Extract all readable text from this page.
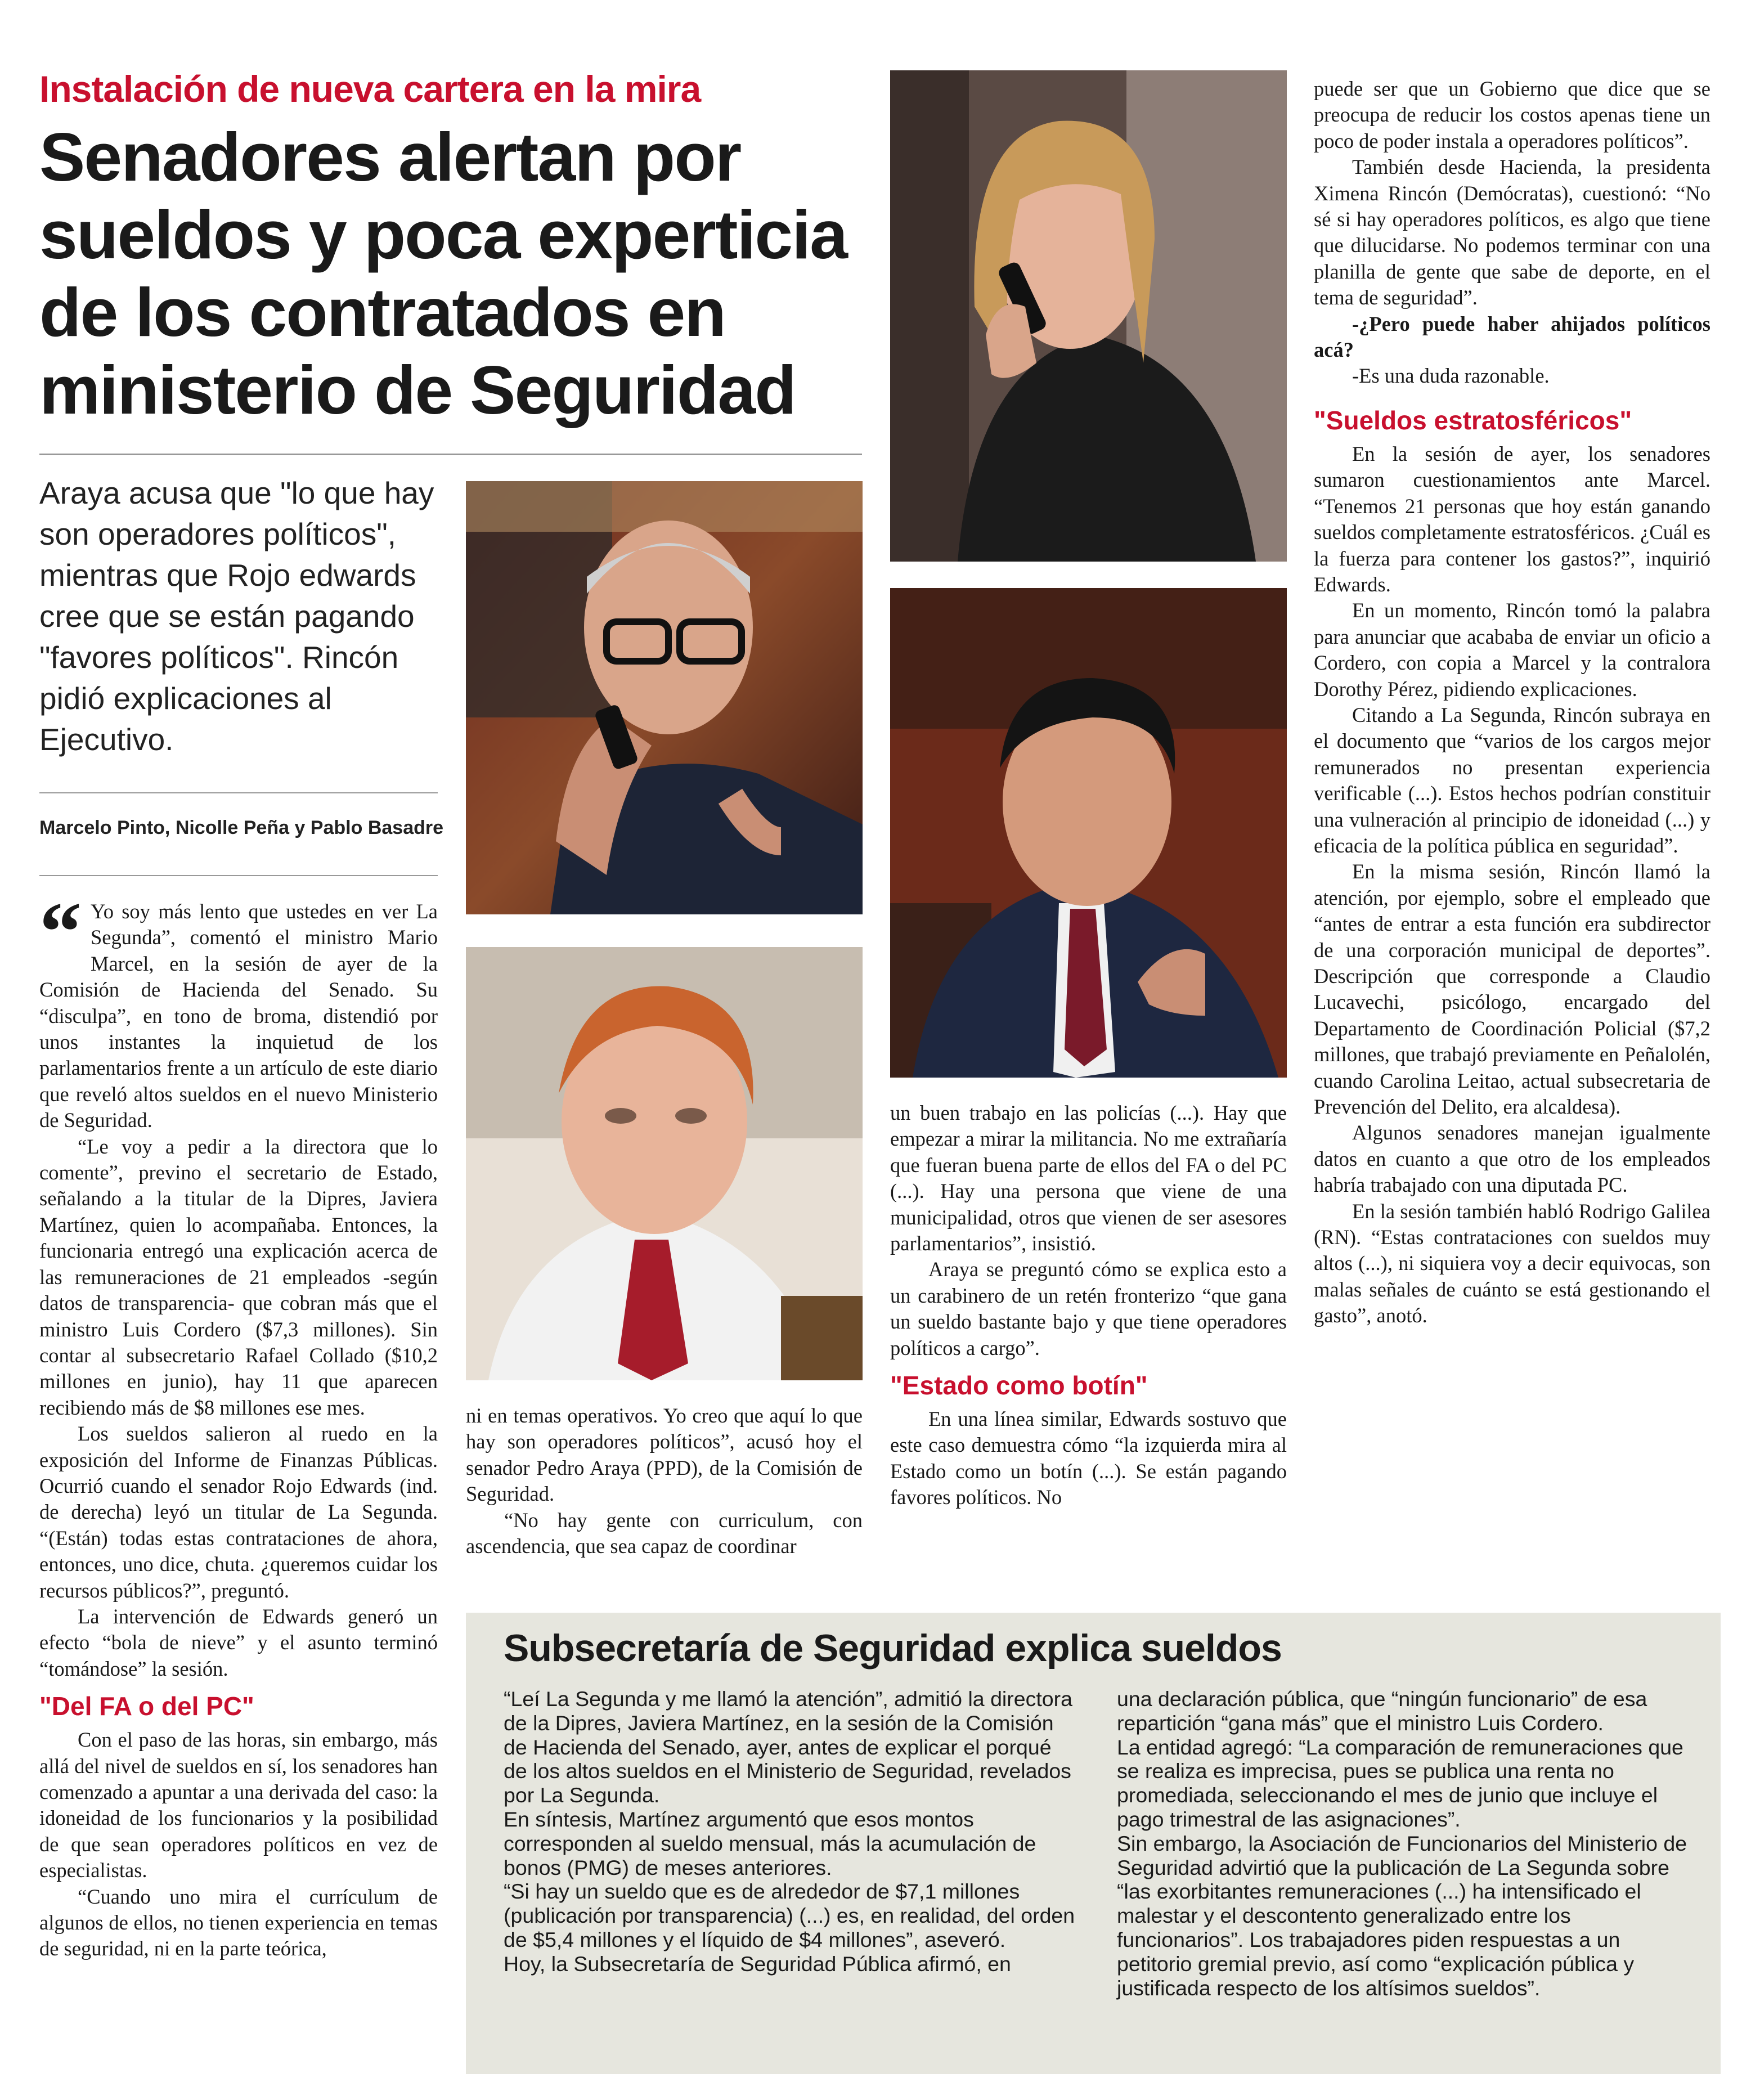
Instalación de nueva cartera en la mira
Senadores alertan por sueldos y poca experticia de los contratados en ministerio de Seguridad
Araya acusa que "lo que hay son operadores políticos", mientras que Rojo edwards cree que se están pagando "favores políticos". Rincón pidió explicaciones al Ejecutivo.
Marcelo Pinto, Nicolle Peña y Pablo Basadre

“ Yo soy más lento que ustedes en ver La Segunda”, comentó el ministro Mario Marcel, en la sesión de ayer de la Comisión de Hacienda del Senado. Su “disculpa”, en tono de broma, distendió por unos instantes la inquietud de los parlamentarios frente a un artículo de este diario que reveló altos sueldos en el nuevo Ministerio de Seguridad.

“Le voy a pedir a la directora que lo comente”, previno el secretario de Estado, señalando a la titular de la Dipres, Javiera Martínez, quien lo acompañaba. Entonces, la funcionaria entregó una explicación acerca de las remuneraciones de 21 empleados -según datos de transparencia- que cobran más que el ministro Luis Cordero ($7,3 millones). Sin contar al subsecretario Rafael Collado ($10,2 millones en junio), hay 11 que aparecen recibiendo más de $8 millones ese mes.

Los sueldos salieron al ruedo en la exposición del Informe de Finanzas Públicas. Ocurrió cuando el senador Rojo Edwards (ind. de derecha) leyó un titular de La Segunda. “(Están) todas estas contrataciones de ahora, entonces, uno dice, chuta. ¿queremos cuidar los recursos públicos?”, preguntó.

La intervención de Edwards generó un efecto “bola de nieve” y el asunto terminó “tomándose” la sesión.

"Del FA o del PC"

Con el paso de las horas, sin embargo, más allá del nivel de sueldos en sí, los senadores han comenzado a apuntar a una derivada del caso: la idoneidad de los funcionarios y la posibilidad de que sean operadores políticos en vez de especialistas.

“Cuando uno mira el currículum de algunos de ellos, no tienen experiencia en temas de seguridad, ni en la parte teórica,

ni en temas operativos. Yo creo que aquí lo que hay son operadores políticos”, acusó hoy el senador Pedro Araya (PPD), de la Comisión de Seguridad.

“No hay gente con curriculum, con ascendencia, que sea capaz de coordinar

un buen trabajo en las policías (...). Hay que empezar a mirar la militancia. No me extrañaría que fueran buena parte de ellos del FA o del PC (...). Hay una persona que viene de una municipalidad, otros que vienen de ser asesores parlamentarios”, insistió.

Araya se preguntó cómo se explica esto a un carabinero de un retén fronterizo “que gana un sueldo bastante bajo y que tiene operadores políticos a cargo”.

"Estado como botín"

En una línea similar, Edwards sostuvo que este caso demuestra cómo “la izquierda mira al Estado como un botín (...). Se están pagando favores políticos. No

puede ser que un Gobierno que dice que se preocupa de reducir los costos apenas tiene un poco de poder instala a operadores políticos”.

También desde Hacienda, la presidenta Ximena Rincón (Demócratas), cuestionó: “No sé si hay operadores políticos, es algo que tiene que dilucidarse. No podemos terminar con una planilla de gente que sabe de deporte, en el tema de seguridad”.

-¿Pero puede haber ahijados políticos acá?

-Es una duda razonable.

"Sueldos estratosféricos"

En la sesión de ayer, los senadores sumaron cuestionamientos ante Marcel. “Tenemos 21 personas que hoy están ganando sueldos completamente estratosféricos. ¿Cuál es la fuerza para contener los gastos?”, inquirió Edwards.

En un momento, Rincón tomó la palabra para anunciar que acababa de enviar un oficio a Cordero, con copia a Marcel y la contralora Dorothy Pérez, pidiendo explicaciones.

Citando a La Segunda, Rincón subraya en el documento que “varios de los cargos mejor remunerados no presentan experiencia verificable (...). Estos hechos podrían constituir una vulneración al principio de idoneidad (...) y eficacia de la política pública en seguridad”.

En la misma sesión, Rincón llamó la atención, por ejemplo, sobre el empleado que “antes de entrar a esta función era subdirector de una corporación municipal de deportes”. Descripción que corresponde a Claudio Lucavechi, psicólogo, encargado del Departamento de Coordinación Policial ($7,2 millones, que trabajó previamente en Peñalolén, cuando Carolina Leitao, actual subsecretaria de Prevención del Delito, era alcaldesa).

Algunos senadores manejan igualmente datos en cuanto a que otro de los empleados habría trabajado con una diputada PC.

En la sesión también habló Rodrigo Galilea (RN). “Estas contrataciones con sueldos muy altos (...), ni siquiera voy a decir equivocas, son malas señales de cuánto se está gestionando el gasto”, anotó.

Subsecretaría de Seguridad explica sueldos

“Leí La Segunda y me llamó la atención”, admitió la directora de la Dipres, Javiera Martínez, en la sesión de la Comisión de Hacienda del Senado, ayer, antes de explicar el porqué de los altos sueldos en el Ministerio de Seguridad, revelados por La Segunda.

En síntesis, Martínez argumentó que esos montos corresponden al sueldo mensual, más la acumulación de bonos (PMG) de meses anteriores.

“Si hay un sueldo que es de alrededor de $7,1 millones (publicación por transparencia) (...) es, en realidad, del orden de $5,4 millones y el líquido de $4 millones”, aseveró.

Hoy, la Subsecretaría de Seguridad Pública afirmó, en

una declaración pública, que “ningún funcionario” de esa repartición “gana más” que el ministro Luis Cordero.

La entidad agregó: “La comparación de remuneraciones que se realiza es imprecisa, pues se publica una renta no promediada, seleccionando el mes de junio que incluye el pago trimestral de las asignaciones”.

Sin embargo, la Asociación de Funcionarios del Ministerio de Seguridad advirtió que la publicación de La Segunda sobre “las exorbitantes remuneraciones (...) ha intensificado el malestar y el descontento generalizado entre los funcionarios”. Los trabajadores piden respuestas a un petitorio gremial previo, así como “explicación pública y justificada respecto de los altísimos sueldos”.
